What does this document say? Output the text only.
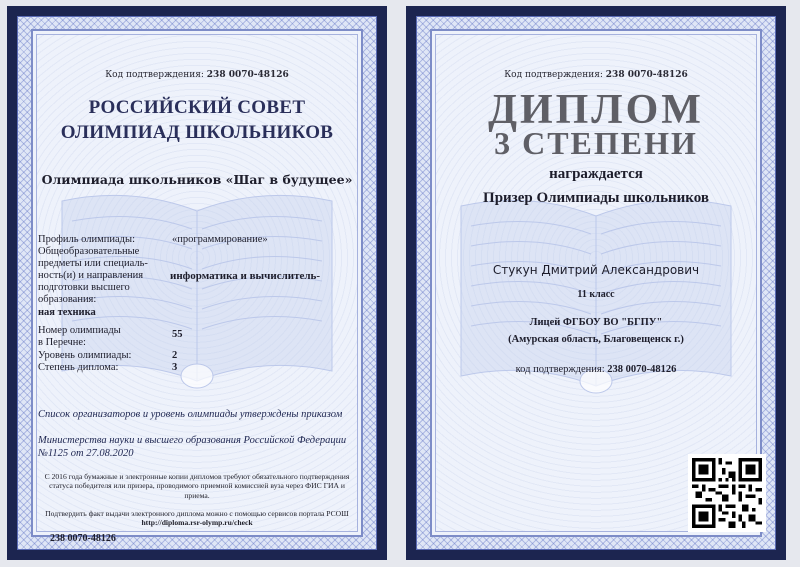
Код подтверждения: 238 0070-48126
РОССИЙСКИЙ СОВЕТ
ОЛИМПИАД ШКОЛЬНИКОВ
Олимпиада школьников «Шаг в будущее»
Профиль олимпиады:	«программирование»
Общеобразовательные
предметы или специаль-
ность(и) и направления
подготовки высшего
образования:
информатика и вычислитель-
ная техника
Номер олимпиады
в Перечне:
55
Уровень олимпиады:	2
Степень диплома:	3
Список организаторов и уровень олимпиады утверждены приказом
Министерства науки и высшего образования Российской Федерации №1125 от 27.08.2020
С 2016 года бумажные и электронные копии дипломов требуют обязательного подтверждения статуса победителя или призера, проводимого приемной комиссией вуза через ФИС ГИА и приема.
Подтвердить факт выдачи электронного диплома можно с помощью сервисов портала РСОШ http://diploma.rsr-olymp.ru/check
238 0070-48126
Код подтверждения: 238 0070-48126
ДИПЛОМ
3 СТЕПЕНИ
награждается
Призер Олимпиады школьников
Стукун Дмитрий Александрович
11 класс
Лицей ФГБОУ ВО "БГПУ"
(Амурская область, Благовещенск г.)
код подтверждения: 238 0070-48126
